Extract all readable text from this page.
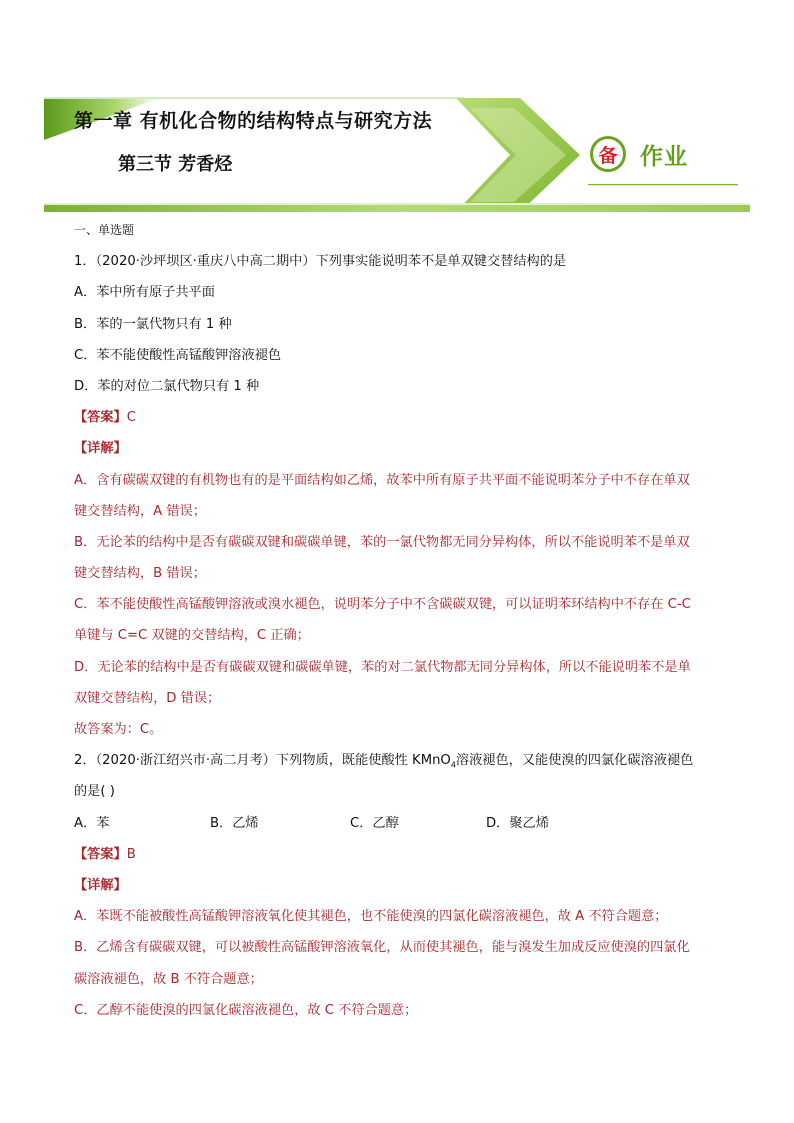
第一章 有机化合物的结构特点与研究方法
第三节 芳香烃	备 作业
一、单选题
1．（2020·沙坪坝区·重庆八中高二期中）下列事实能说明苯不是单双键交替结构的是
A．苯中所有原子共平面
B．苯的一氯代物只有 1 种
C．苯不能使酸性高锰酸钾溶液褪色
D．苯的对位二氯代物只有 1 种
【答案】C
【详解】
A．含有碳碳双键的有机物也有的是平面结构如乙烯，故苯中所有原子共平面不能说明苯分子中不存在单双
键交替结构，A 错误；
B．无论苯的结构中是否有碳碳双键和碳碳单键，苯的一氯代物都无同分异构体，所以不能说明苯不是单双
键交替结构，B 错误；
C．苯不能使酸性高锰酸钾溶液或溴水褪色，说明苯分子中不含碳碳双键，可以证明苯环结构中不存在 C-C
单键与 C=C 双键的交替结构，C 正确；
D．无论苯的结构中是否有碳碳双键和碳碳单键，苯的对二氯代物都无同分异构体，所以不能说明苯不是单
双键交替结构，D 错误；
故答案为：C。
2．（2020·浙江绍兴市·高二月考）下列物质，既能使酸性 KMnO$_4$溶液褪色，又能使溴的四氯化碳溶液褪色
的是( )
A．苯	B．乙烯	C．乙醇	D．聚乙烯
【答案】B
【详解】
A．苯既不能被酸性高锰酸钾溶液氧化使其褪色，也不能使溴的四氯化碳溶液褪色，故 A 不符合题意；
B．乙烯含有碳碳双键，可以被酸性高锰酸钾溶液氧化，从而使其褪色，能与溴发生加成反应使溴的四氯化
碳溶液褪色，故 B 不符合题意；
C．乙醇不能使溴的四氯化碳溶液褪色，故 C 不符合题意；
